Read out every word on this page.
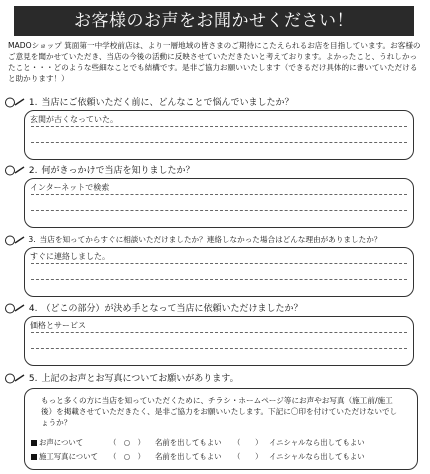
お客様のお声をお聞かせください！
MADOショップ 箕面第一中学校前店は、より一層地域の皆さまのご期待にこたえられるお店を目指しています。お客様のご意見を聞かせていただき、当店の今後の活動に反映させていただきたいと考えております。よかったこと、うれしかったこと・・・どのような些細なことでも結構です。是非ご協力お願いいたします（できるだけ具体的に書いていただけると助かります！）
1. 当店にご依頼いただく前に、どんなことで悩んでいましたか？
玄関が古くなっていた。
2. 何がきっかけで当店を知りましたか？
インターネットで検索
3. 当店を知ってからすぐに相談いただけましたか？連絡しなかった場合はどんな理由がありましたか？
すぐに連絡しました。
4. （どこの部分）が決め手となって当店に依頼いただけましたか？
価格とサービス
5. 上記のお声とお写真についてお願いがあります。
もっと多くの方に当店を知っていただくために、チラシ・ホームページ等にお声やお写真（施工前/施工後）を掲載させていただきたく、是非ご協力をお願いいたします。下記に〇印を付けていただけないでしょうか？
お声について	（　○　） 名前を出してもよい （　　） イニシャルなら出してもよい
施工写真について （　○　） 名前を出してもよい （　　） イニシャルなら出してもよい
